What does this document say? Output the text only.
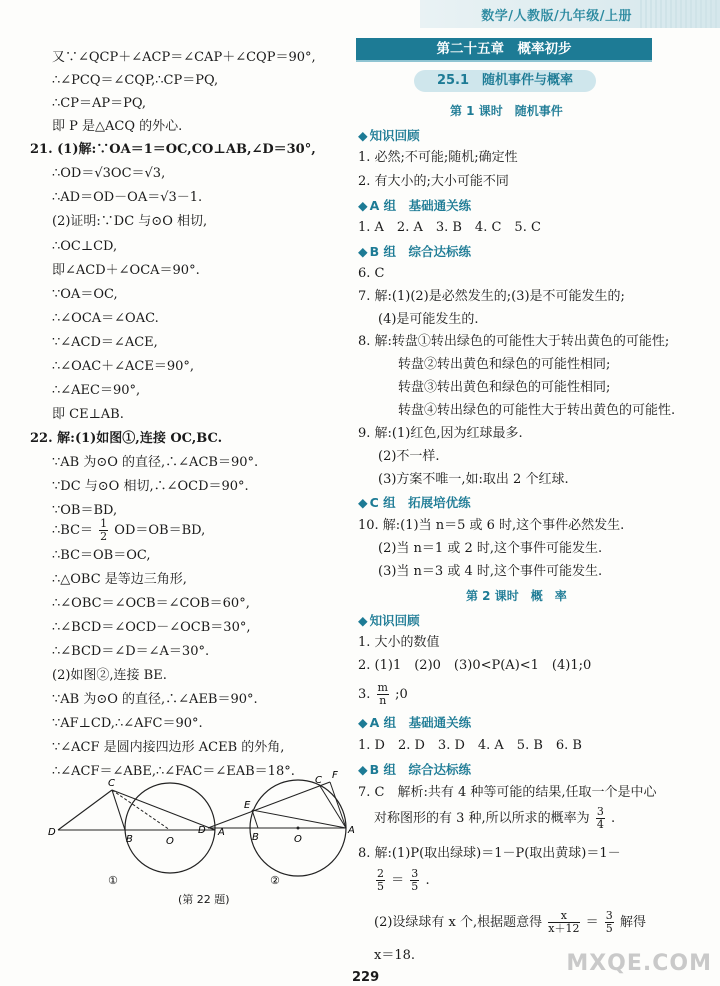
数学/人教版/九年级/上册
又∵∠QCP＋∠ACP＝∠CAP＋∠CQP＝90°,
∴∠PCQ＝∠CQP,∴CP＝PQ,
∴CP＝AP＝PQ,
即 P 是△ACQ 的外心.
21. (1)解:∵OA＝1＝OC,CO⊥AB,∠D＝30°,
∴OD＝√3OC＝√3,
∴AD＝OD－OA＝√3－1.
(2)证明:∵DC 与⊙O 相切,
∴OC⊥CD,
即∠ACD＋∠OCA＝90°.
∵OA＝OC,
∴∠OCA＝∠OAC.
∵∠ACD＝∠ACE,
∴∠OAC＋∠ACE＝90°,
∴∠AEC＝90°,
即 CE⊥AB.
22. 解:(1)如图①,连接 OC,BC.
∵AB 为⊙O 的直径,∴∠ACB＝90°.
∵DC 与⊙O 相切,∴∠OCD＝90°.
∵OB＝BD,
∴BC＝ $\frac{1}{2} OD=OB=BD$,
∴BC＝OB＝OC,
∴△OBC 是等边三角形,
∴∠OBC＝∠OCB＝∠COB＝60°,
∴∠BCD＝∠OCD－∠OCB＝30°,
∴∠BCD＝∠D＝∠A＝30°.
(2)如图②,连接 BE.
∵AB 为⊙O 的直径,∴∠AEB＝90°.
∵AF⊥CD,∴∠AFC＝90°.
∵∠ACF 是圆内接四边形 ACEB 的外角,
∴∠ACF＝∠ABE,∴∠FAC＝∠EAB＝18°.
D
B	O
A
C
①
D
B	O
A
E
C F
②
(第 22 题)
第二十五章　概率初步
25.1　随机事件与概率
第 1 课时　随机事件
◆ 知识回顾
1. 必然;不可能;随机;确定性
2. 有大小的;大小可能不同
◆ A 组　基础通关练
1. A　2. A　3. B　4. C　5. C
◆ B 组　综合达标练
6. C
7. 解:(1)(2)是必然发生的;(3)是不可能发生的;
(4)是可能发生的.
8. 解:转盘①转出绿色的可能性大于转出黄色的可能性;
转盘②转出黄色和绿色的可能性相同;
转盘③转出黄色和绿色的可能性相同;
转盘④转出绿色的可能性大于转出黄色的可能性.
9. 解:(1)红色,因为红球最多.
(2)不一样.
(3)方案不唯一,如:取出 2 个红球.
◆ C 组　拓展培优练
10. 解:(1)当 n＝5 或 6 时,这个事件必然发生.
(2)当 n＝1 或 2 时,这个事件可能发生.
(3)当 n＝3 或 4 时,这个事件可能发生.
第 2 课时　概　率
◆ 知识回顾
1. 大小的数值
2. (1)1　(2)0　(3)0<P(A)<1　(4)1;0
3. $\frac{m}{n}$ ;0
◆ A 组　基础通关练
1. D　2. D　3. D　4. A　5. B　6. B
◆ B 组　综合达标练
7. C　解析:共有 4 种等可能的结果,任取一个是中心
对称图形的有 3 种,所以所求的概率为 $\frac{3}{4}$ .
8. 解:(1)P(取出绿球)＝1－P(取出黄球)＝1－
$\frac{2}{5} = \frac{3}{5}$ .
(2)设绿球有 x 个,根据题意得 $\frac{x}{x+12} = \frac{3}{5}$ 解得
x＝18.
229
MXQE.COM
